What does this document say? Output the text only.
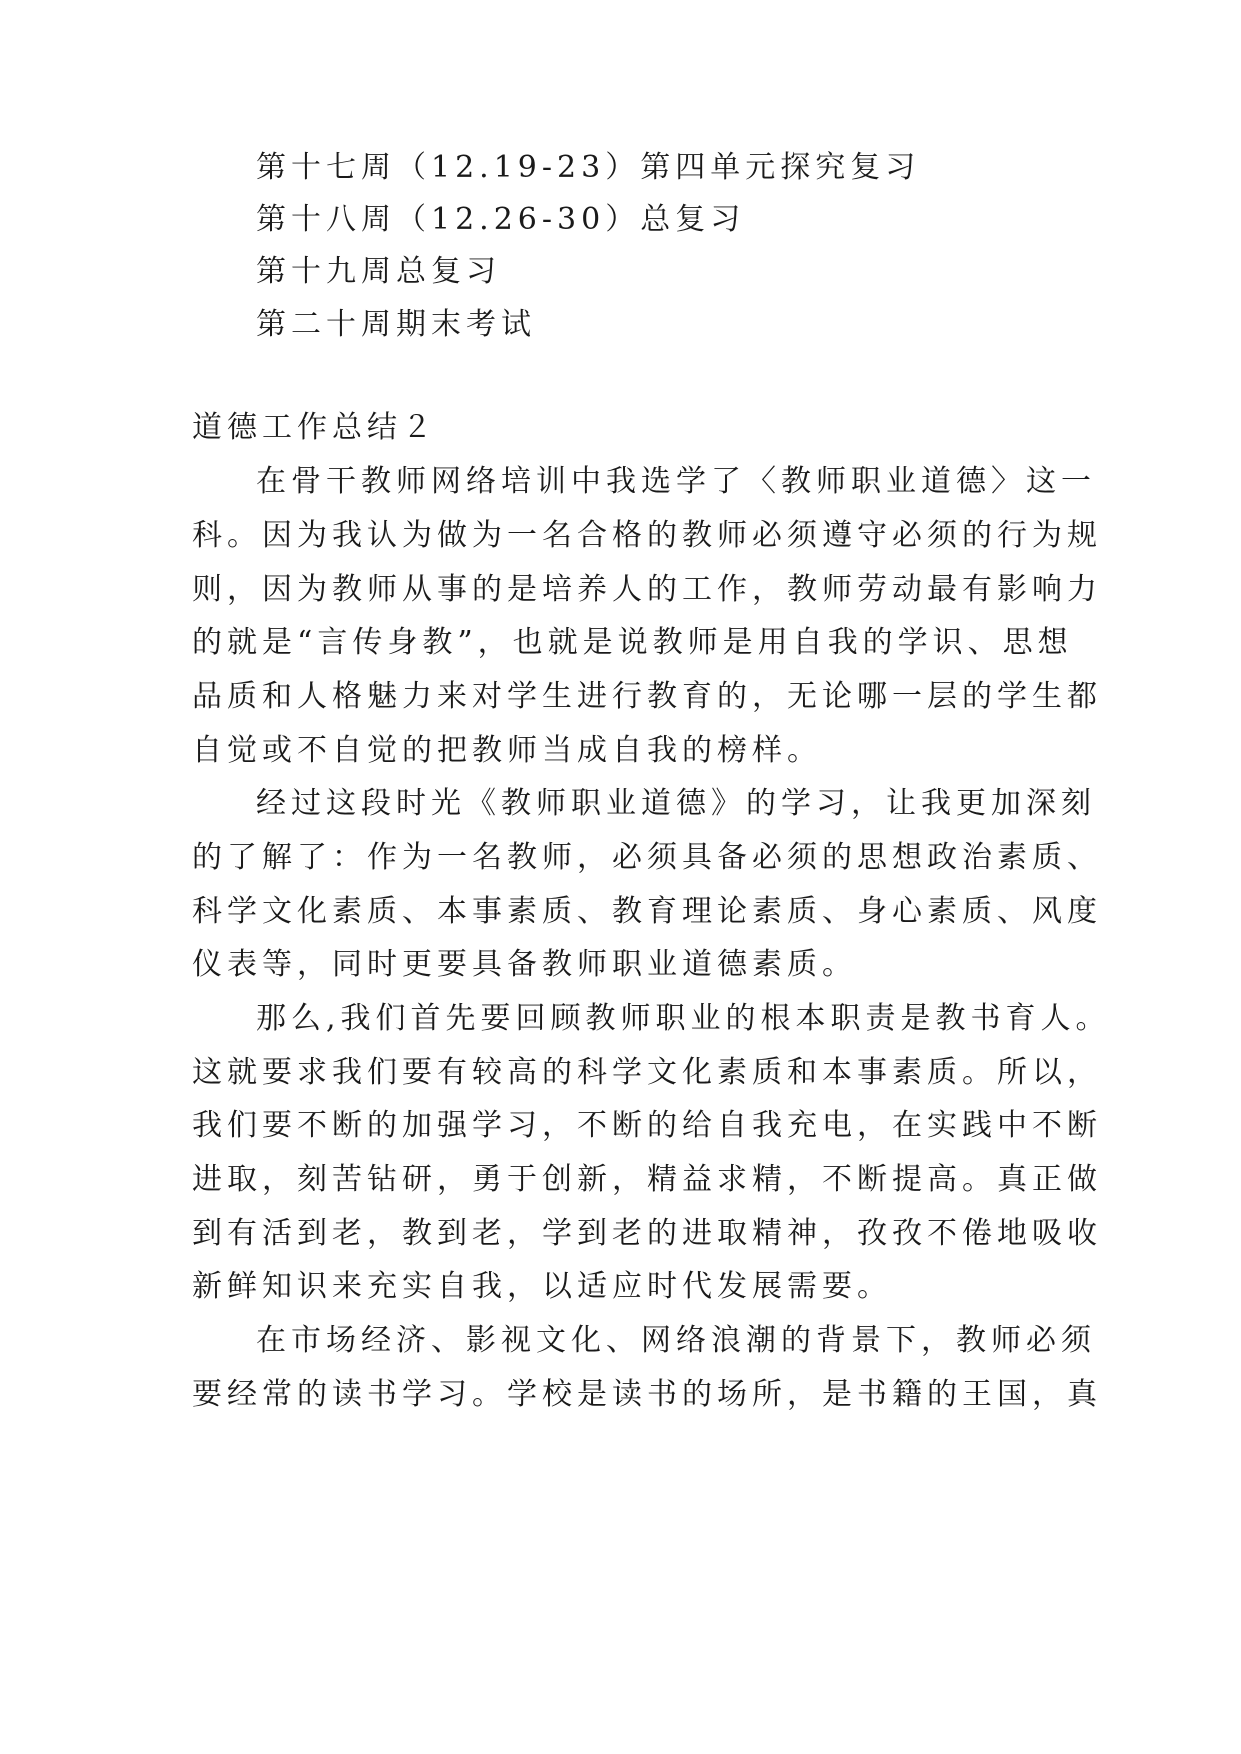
第十七周（12.19-23）第四单元探究复习
第十八周（12.26-30）总复习
第十九周总复习
第二十周期末考试
道德工作总结２
在骨干教师网络培训中我选学了〈教师职业道德〉这一
科。因为我认为做为一名合格的教师必须遵守必须的行为规
则，因为教师从事的是培养人的工作，教师劳动最有影响力
的就是“言传身教”，也就是说教师是用自我的学识、思想
品质和人格魅力来对学生进行教育的，无论哪一层的学生都
自觉或不自觉的把教师当成自我的榜样。
经过这段时光《教师职业道德》的学习，让我更加深刻
的了解了：作为一名教师，必须具备必须的思想政治素质、
科学文化素质、本事素质、教育理论素质、身心素质、风度
仪表等，同时更要具备教师职业道德素质。
那么,我们首先要回顾教师职业的根本职责是教书育人。
这就要求我们要有较高的科学文化素质和本事素质。所以，
我们要不断的加强学习，不断的给自我充电，在实践中不断
进取，刻苦钻研，勇于创新，精益求精，不断提高。真正做
到有活到老，教到老，学到老的进取精神，孜孜不倦地吸收
新鲜知识来充实自我，以适应时代发展需要。
在市场经济、影视文化、网络浪潮的背景下，教师必须
要经常的读书学习。学校是读书的场所，是书籍的王国，真
